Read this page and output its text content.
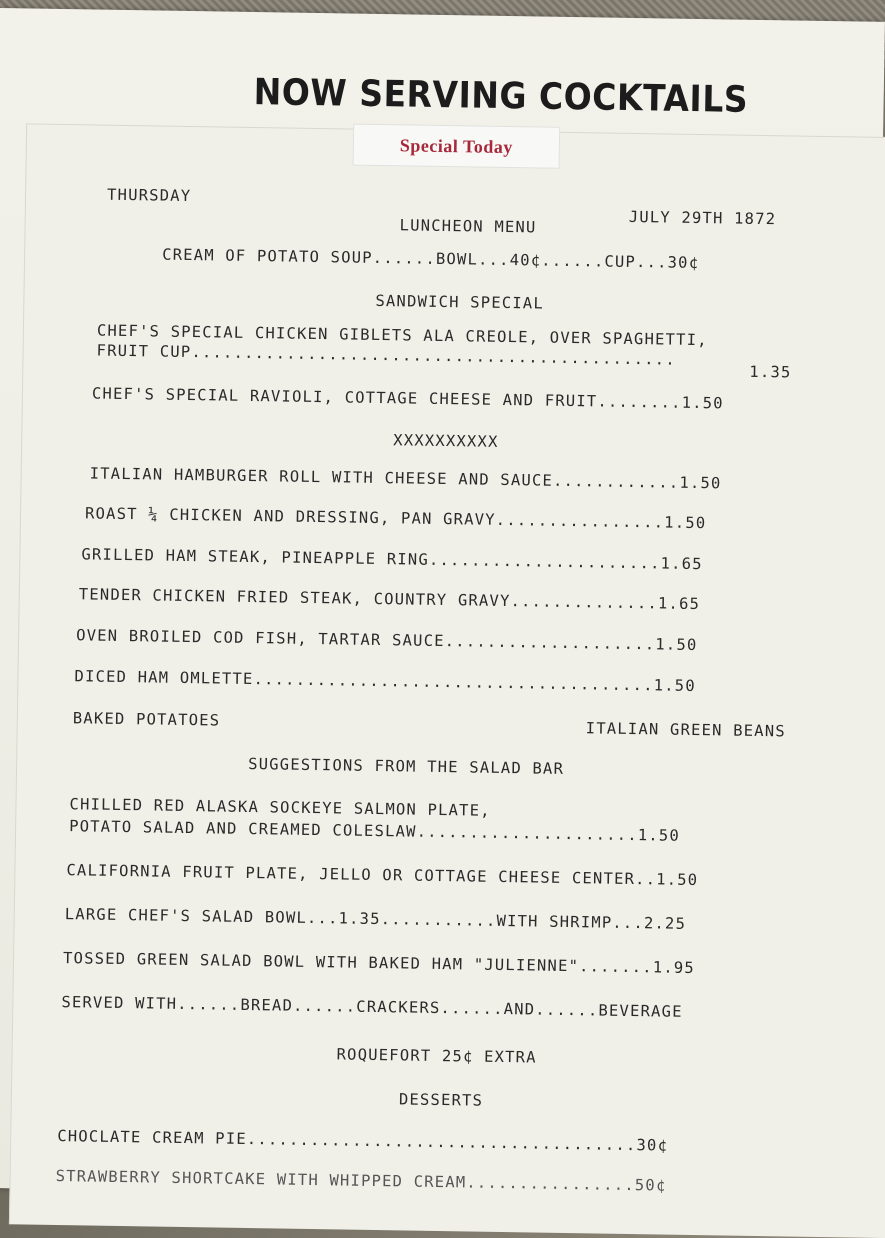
NOW SERVING COCKTAILS
Special Today
THURSDAY
JULY 29TH 1872
LUNCHEON MENU
CREAM OF POTATO SOUP......BOWL...40¢......CUP...30¢
SANDWICH SPECIAL
CHEF'S SPECIAL CHICKEN GIBLETS ALA CREOLE, OVER SPAGHETTI,
FRUIT CUP..............................................
1.35
CHEF'S SPECIAL RAVIOLI, COTTAGE CHEESE AND FRUIT........1.50
XXXXXXXXXX
ITALIAN HAMBURGER ROLL WITH CHEESE AND SAUCE............1.50
ROAST ¼ CHICKEN AND DRESSING, PAN GRAVY................1.50
GRILLED HAM STEAK, PINEAPPLE RING......................1.65
TENDER CHICKEN FRIED STEAK, COUNTRY GRAVY..............1.65
OVEN BROILED COD FISH, TARTAR SAUCE....................1.50
DICED HAM OMLETTE......................................1.50
BAKED POTATOES	ITALIAN GREEN BEANS
SUGGESTIONS FROM THE SALAD BAR
CHILLED RED ALASKA SOCKEYE SALMON PLATE,
POTATO SALAD AND CREAMED COLESLAW.....................1.50
CALIFORNIA FRUIT PLATE, JELLO OR COTTAGE CHEESE CENTER..1.50
LARGE CHEF'S SALAD BOWL...1.35...........WITH SHRIMP...2.25
TOSSED GREEN SALAD BOWL WITH BAKED HAM "JULIENNE".......1.95
SERVED WITH......BREAD......CRACKERS......AND......BEVERAGE
ROQUEFORT 25¢ EXTRA
DESSERTS
CHOCLATE CREAM PIE.....................................30¢
STRAWBERRY SHORTCAKE WITH WHIPPED CREAM................50¢
